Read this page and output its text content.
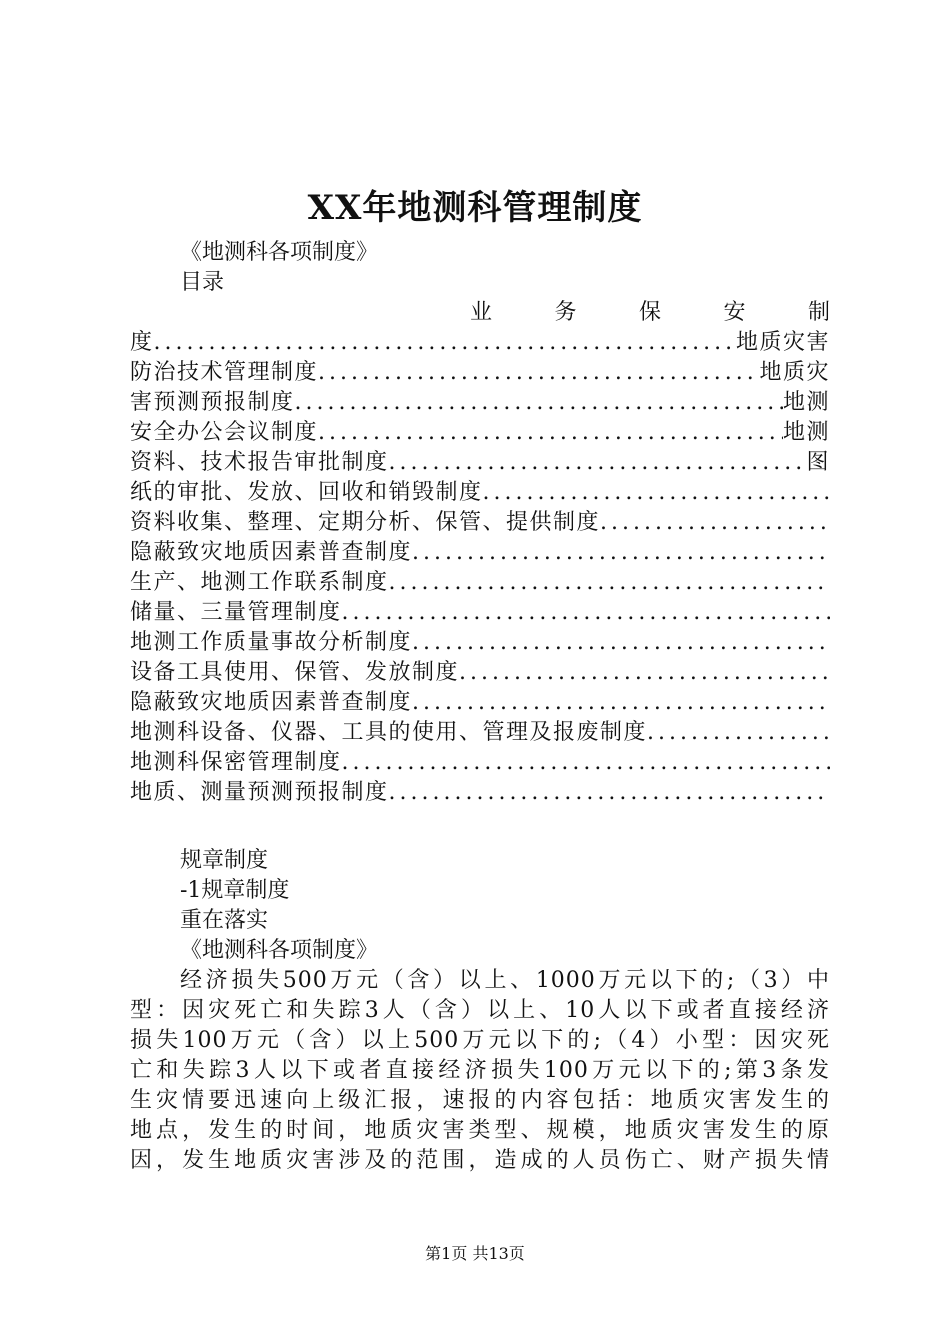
XX年地测科管理制度
《地测科各项制度》
目录
业	务	保	安	制
度 .....	地质灾害
防治技术管理制度 .....	地质灾
害预测预报制度 .....	地测
安全办公会议制度 .....	地测
资料、技术报告审批制度 .....	图
纸的审批、发放、回收和销毁制度
.....
资料收集、整理、定期分析、保管、提供制度
.....
隐蔽致灾地质因素普查制度
.....
生产、地测工作联系制度
.....
储量、三量管理制度
.....
地测工作质量事故分析制度
.....
设备工具使用、保管、发放制度
.....
隐蔽致灾地质因素普查制度
.....
地测科设备、仪器、工具的使用、管理及报废制度
.....
地测科保密管理制度
.....
地质、测量预测预报制度
.....
规章制度
-1规章制度
重在落实
《地测科各项制度》
经济损失500万元（含）以上、1000万元以下的;（3）中
型：因灾死亡和失踪3人（含）以上、10人以下或者直接经济
损失100万元（含）以上500万元以下的;（4）小型：因灾死
亡和失踪3人以下或者直接经济损失100万元以下的;第3条发
生灾情要迅速向上级汇报，速报的内容包括：地质灾害发生的
地点，发生的时间，地质灾害类型、规模，地质灾害发生的原
因，发生地质灾害涉及的范围，造成的人员伤亡、财产损失情
第1页 共13页
